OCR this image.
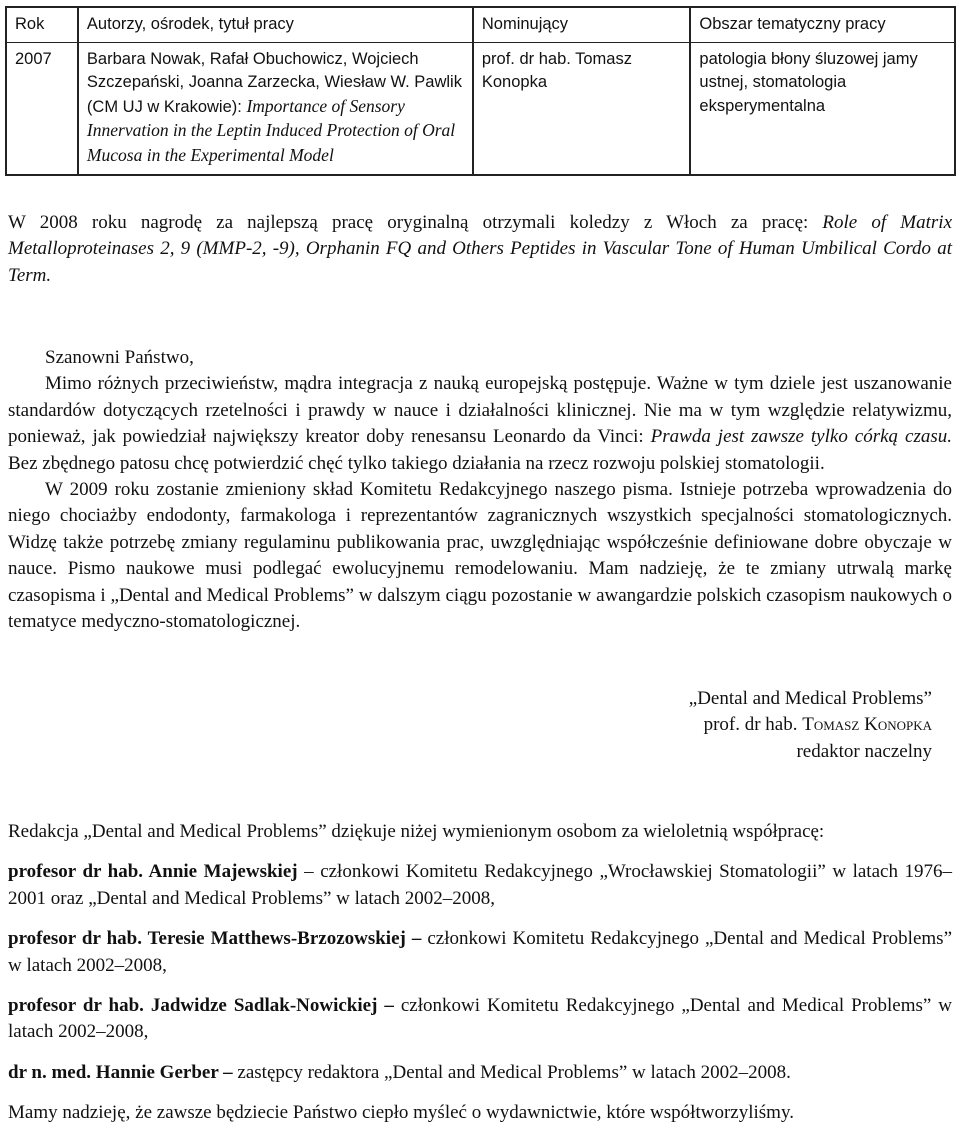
Rok	Autorzy, ośrodek, tytuł pracy	Nominujący	Obszar tematyczny pracy
2007	Barbara Nowak, Rafał Obuchowicz, Wojciech Szczepański, Joanna Zarzecka, Wiesław W. Pawlik (CM UJ w Krakowie): Importance of Sensory Innervation in the Leptin Induced Protection of Oral Mucosa in the Experimental Model	prof. dr hab. Tomasz Konopka	patologia błony śluzowej jamy ustnej, stomatologia eksperymentalna
W 2008 roku nagrodę za najlepszą pracę oryginalną otrzymali koledzy z Włoch za pracę: Role of Matrix Metalloproteinases 2, 9 (MMP-2, -9), Orphanin FQ and Others Peptides in Vascular Tone of Human Umbilical Cordo at Term.

Szanowni Państwo,

Mimo różnych przeciwieństw, mądra integracja z nauką europejską postępuje. Ważne w tym dziele jest uszanowanie standardów dotyczących rzetelności i prawdy w nauce i działalności klinicznej. Nie ma w tym względzie relatywizmu, ponieważ, jak powiedział największy kreator doby renesansu Leonardo da Vinci: Prawda jest zawsze tylko córką czasu. Bez zbędnego patosu chcę potwierdzić chęć tylko takiego działania na rzecz rozwoju polskiej stomatologii.

W 2009 roku zostanie zmieniony skład Komitetu Redakcyjnego naszego pisma. Istnieje potrzeba wprowadzenia do niego chociażby endodonty, farmakologa i reprezentantów zagranicznych wszystkich specjalności stomatologicznych. Widzę także potrzebę zmiany regulaminu publikowania prac, uwzględniając współcześnie definiowane dobre obyczaje w nauce. Pismo naukowe musi podlegać ewolucyjnemu remodelowaniu. Mam nadzieję, że te zmiany utrwalą markę czasopisma i „Dental and Medical Problems” w dalszym ciągu pozostanie w awangardzie polskich czasopism naukowych o tematyce medyczno-stomatologicznej.

„Dental and Medical Problems”
prof. dr hab. Tomasz Konopka
redaktor naczelny

Redakcja „Dental and Medical Problems” dziękuje niżej wymienionym osobom za wieloletnią współpracę:

profesor dr hab. Annie Majewskiej – członkowi Komitetu Redakcyjnego „Wrocławskiej Stomatologii” w latach 1976–2001 oraz „Dental and Medical Problems” w latach 2002–2008,

profesor dr hab. Teresie Matthews-Brzozowskiej – członkowi Komitetu Redakcyjnego „Dental and Medical Problems” w latach 2002–2008,

profesor dr hab. Jadwidze Sadlak-Nowickiej – członkowi Komitetu Redakcyjnego „Dental and Medical Problems” w latach 2002–2008,

dr n. med. Hannie Gerber – zastępcy redaktora „Dental and Medical Problems” w latach 2002–2008.

Mamy nadzieję, że zawsze będziecie Państwo ciepło myśleć o wydawnictwie, które współtworzyliśmy.
